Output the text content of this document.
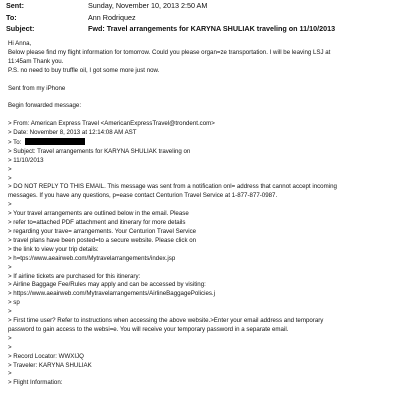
Sent:	Sunday, November 10, 2013 2:50 AM
To:	Ann Rodriquez
Subject:	Fwd: Travel arrangements for KARYNA SHULIAK traveling on 11/10/2013
Hi Anna,
Below please find my flight information for tomorrow. Could you please organ=ze transportation. I will be leaving LSJ at
11:45am Thank you.
P.S. no need to buy truffle oil, I got some more just now.
Sent from my iPhone
Begin forwarded message:
> From: American Express Travel <AmericanExpressTravel@trondent.com>
> Date: November 8, 2013 at 12:14:08 AM AST
> To:
> Subject: Travel arrangements for KARYNA SHULIAK traveling on
> 11/10/2013
>
>
> DO NOT REPLY TO THIS EMAIL. This message was sent from a notification onl= address that cannot accept incoming
messages. If you have any questions, p=ease contact Centurion Travel Service at 1-877-877-0987.
>
> Your travel arrangements are outlined below in the email. Please
> refer to=attached PDF attachment and itinerary for more details
> regarding your trave= arrangements. Your Centurion Travel Service
> travel plans have been posted=to a secure website. Please click on
> the link to view your trip details:
> h=tps://www.aeairweb.com/Mytravelarrangements/index.jsp
>
> If airline tickets are purchased for this itinerary:
> Airline Baggage Fee/Rules may apply and can be accessed by visiting:
> https://www.aeairweb.com/Mytravelarrangements/AirlineBaggagePolicies.j
> sp
>
> First time user? Refer to instructions when accessing the above website.>Enter your email address and temporary
password to gain access to the websi=e. You will receive your temporary password in a separate email.
>
>
> Record Locator: WWXIJQ
> Traveler: KARYNA SHULIAK
>
> Flight Information:
